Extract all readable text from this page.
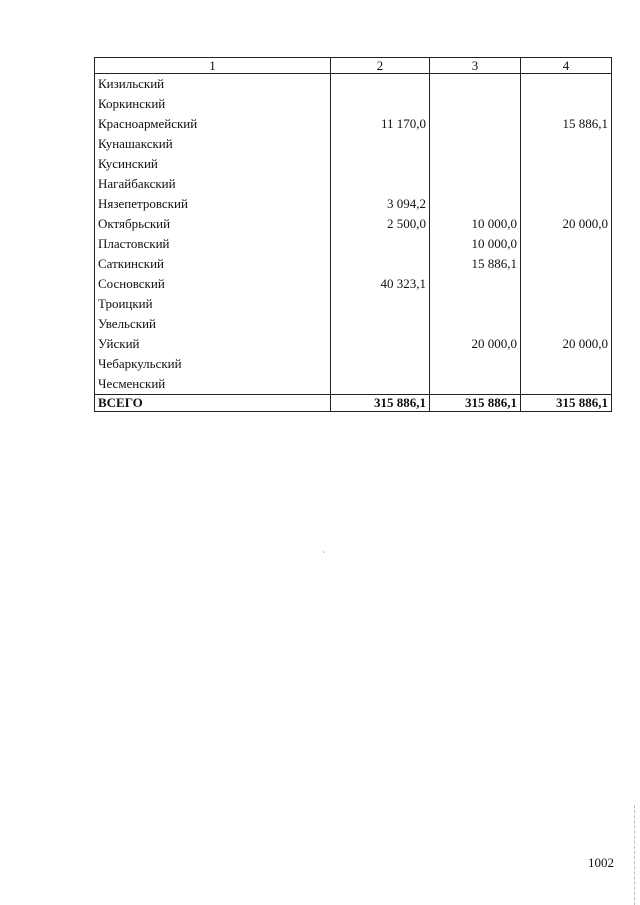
1	2	3	4
Кизильский			
Коркинский			
Красноармейский	11 170,0		15 886,1
Кунашакский			
Кусинский			
Нагайбакский			
Нязепетровский	3 094,2		
Октябрьский	2 500,0	10 000,0	20 000,0
Пластовский		10 000,0	
Саткинский		15 886,1	
Сосновский	40 323,1		
Троицкий			
Увельский			
Уйский		20 000,0	20 000,0
Чебаркульский			
Чесменский			
ВСЕГО	315 886,1	315 886,1	315 886,1
`
1002
